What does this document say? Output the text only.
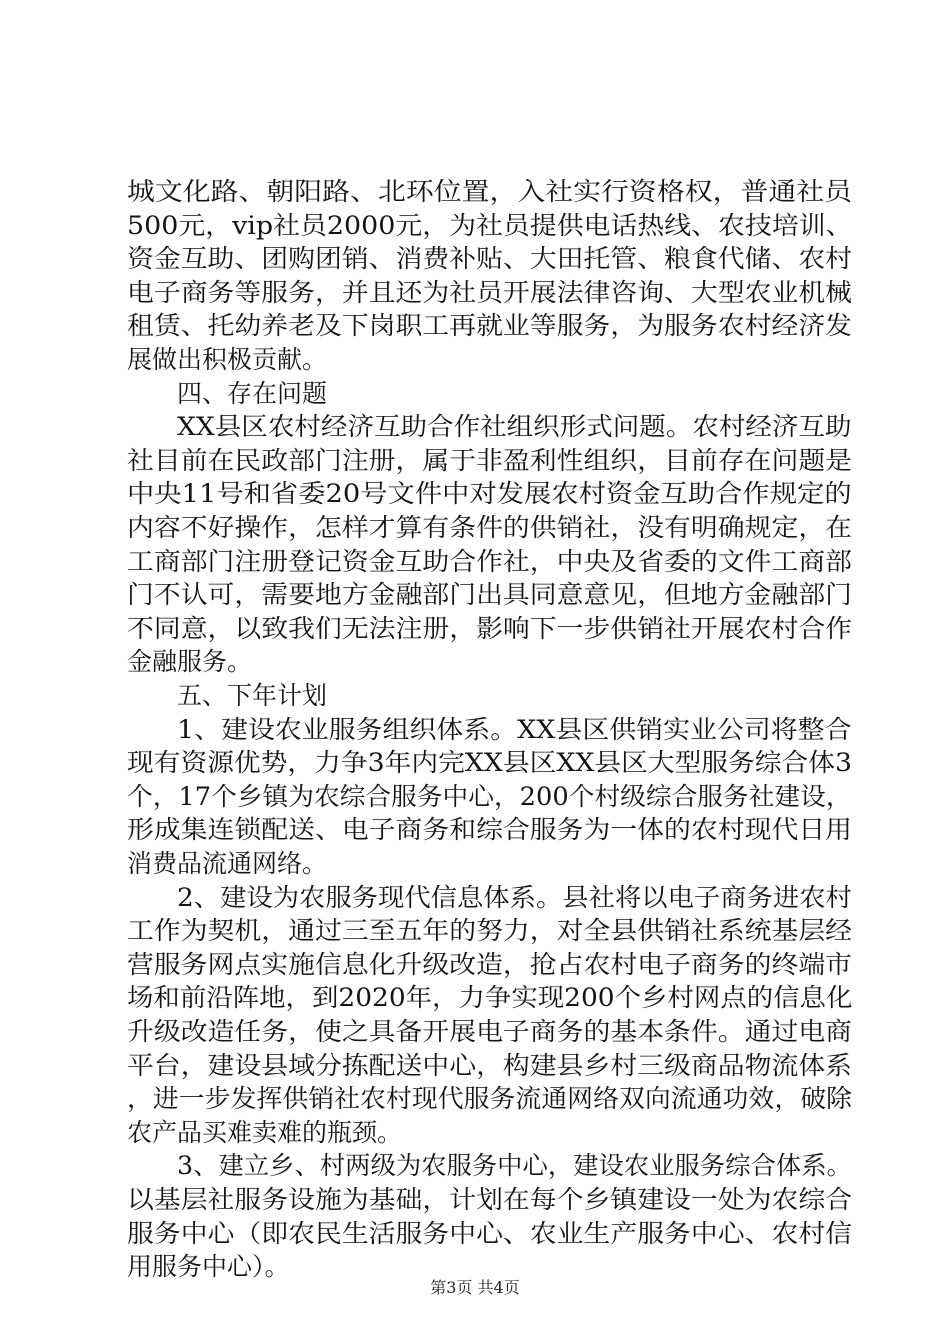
城文化路、朝阳路、北环位置，入社实行资格权，普通社员
500元，vip社员2000元，为社员提供电话热线、农技培训、
资金互助、团购团销、消费补贴、大田托管、粮食代储、农村
电子商务等服务，并且还为社员开展法律咨询、大型农业机械
租赁、托幼养老及下岗职工再就业等服务，为服务农村经济发
展做出积极贡献。
四、存在问题
XX县区农村经济互助合作社组织形式问题。农村经济互助
社目前在民政部门注册，属于非盈利性组织，目前存在问题是
中央11号和省委20号文件中对发展农村资金互助合作规定的
内容不好操作，怎样才算有条件的供销社，没有明确规定，在
工商部门注册登记资金互助合作社，中央及省委的文件工商部
门不认可，需要地方金融部门出具同意意见，但地方金融部门
不同意，以致我们无法注册，影响下一步供销社开展农村合作
金融服务。
五、下年计划
1、建设农业服务组织体系。XX县区供销实业公司将整合
现有资源优势，力争3年内完XX县区XX县区大型服务综合体3
个，17个乡镇为农综合服务中心，200个村级综合服务社建设，
形成集连锁配送、电子商务和综合服务为一体的农村现代日用
消费品流通网络。
2、建设为农服务现代信息体系。县社将以电子商务进农村
工作为契机，通过三至五年的努力，对全县供销社系统基层经
营服务网点实施信息化升级改造，抢占农村电子商务的终端市
场和前沿阵地，到2020年，力争实现200个乡村网点的信息化
升级改造任务，使之具备开展电子商务的基本条件。通过电商
平台，建设县域分拣配送中心，构建县乡村三级商品物流体系
，进一步发挥供销社农村现代服务流通网络双向流通功效，破除
农产品买难卖难的瓶颈。
3、建立乡、村两级为农服务中心，建设农业服务综合体系。
以基层社服务设施为基础，计划在每个乡镇建设一处为农综合
服务中心（即农民生活服务中心、农业生产服务中心、农村信
用服务中心）。
第3页 共4页
